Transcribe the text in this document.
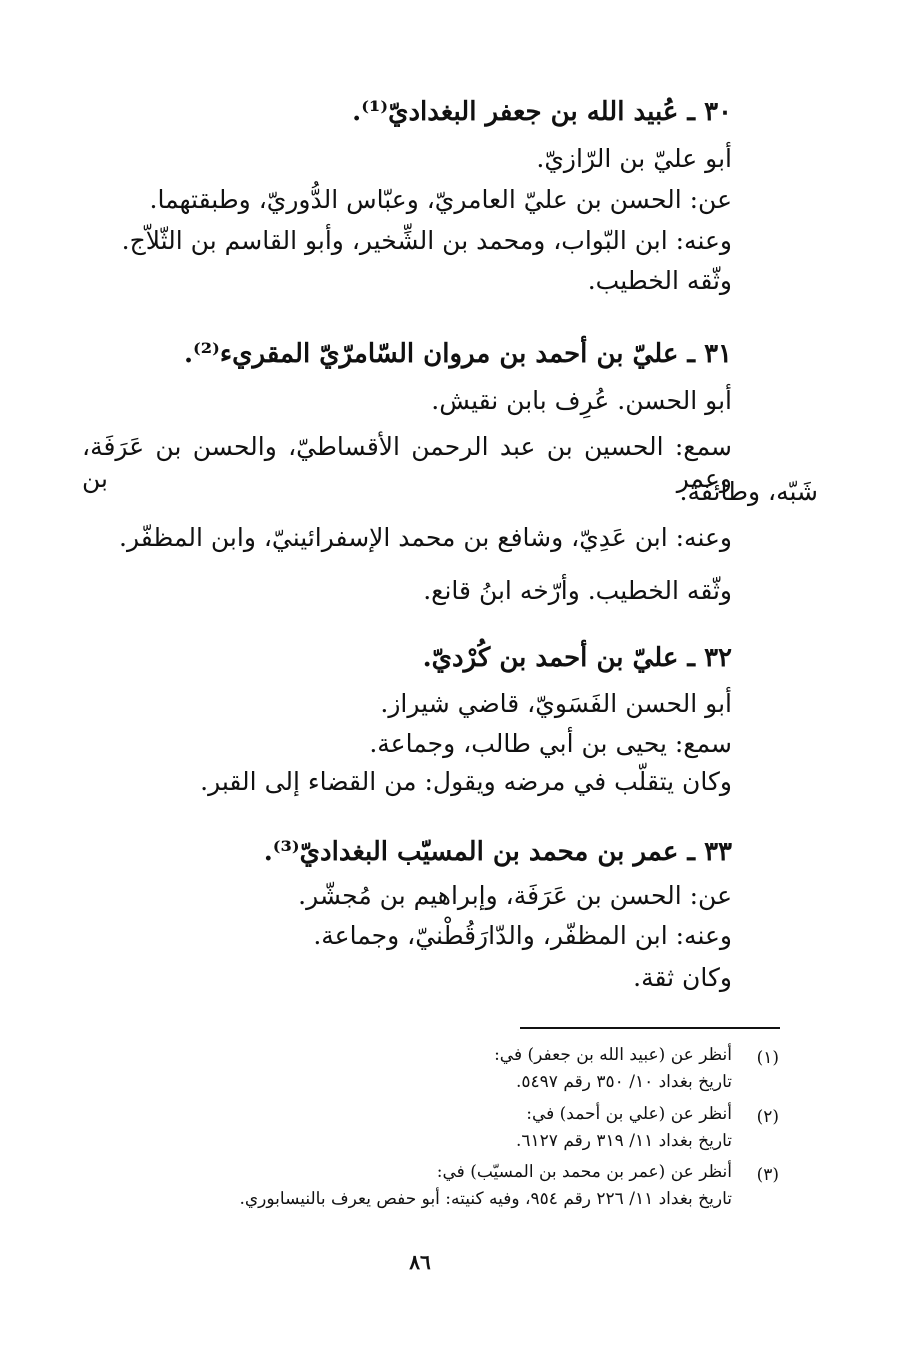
٣٠ ـ عُبيد الله بن جعفر البغداديّ⁽¹⁾.
أبو عليّ بن الرّازيّ.
عن: الحسن بن عليّ العامريّ، وعبّاس الدُّوريّ، وطبقتهما.
وعنه: ابن البّواب، ومحمد بن الشِّخير، وأبو القاسم بن الثّلاّج.
وثّقه الخطيب.
٣١ ـ عليّ بن أحمد بن مروان السّامرّيّ المقريء⁽²⁾.
أبو الحسن. عُرِف بابن نقيش.
سمع: الحسين بن عبد الرحمن الأقساطيّ، والحسن بن عَرَفَة، وعمر بن
شَبّه، وطائفة.
وعنه: ابن عَدِيّ، وشافع بن محمد الإسفرائينيّ، وابن المظفّر.
وثّقه الخطيب. وأرّخه ابنُ قانع.
٣٢ ـ عليّ بن أحمد بن كُرْديّ.
أبو الحسن الفَسَويّ، قاضي شيراز.
سمع: يحيى بن أبي طالب، وجماعة.
وكان يتقلّب في مرضه ويقول: من القضاء إلى القبر.
٣٣ ـ عمر بن محمد بن المسيّب البغداديّ⁽³⁾.
عن: الحسن بن عَرَفَة، وإبراهيم بن مُجشّر.
وعنه: ابن المظفّر، والدّارَقُطْنيّ، وجماعة.
وكان ثقة.
(١)
أنظر عن (عبيد الله بن جعفر) في:
تاريخ بغداد ١٠/ ٣٥٠ رقم ٥٤٩٧.
(٢)
أنظر عن (علي بن أحمد) في:
تاريخ بغداد ١١/ ٣١٩ رقم ٦١٢٧.
(٣)
أنظر عن (عمر بن محمد بن المسيّب) في:
تاريخ بغداد ١١/ ٢٢٦ رقم ٩٥٤، وفيه كنيته: أبو حفص يعرف بالنيسابوري.
٨٦
